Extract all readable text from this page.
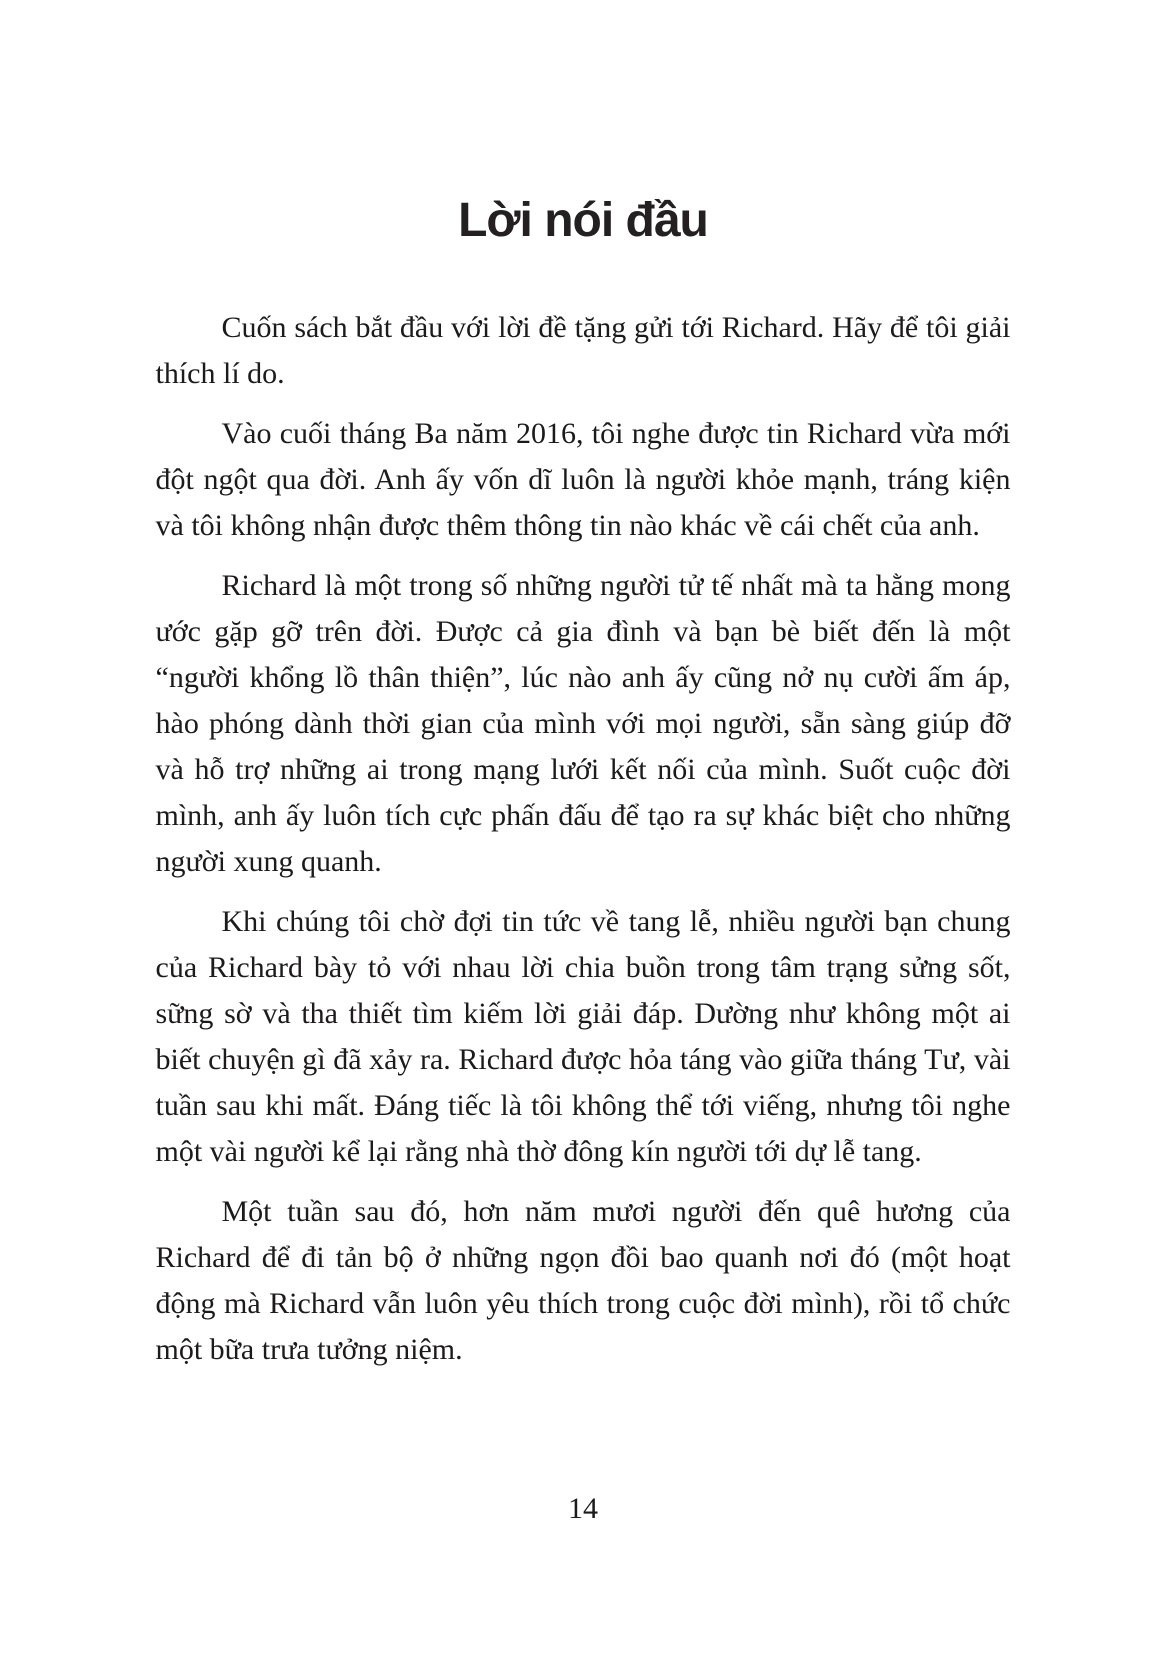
Lời nói đầu

Cuốn sách bắt đầu với lời đề tặng gửi tới Richard. Hãy để tôi giải thích lí do.

Vào cuối tháng Ba năm 2016, tôi nghe được tin Richard vừa mới đột ngột qua đời. Anh ấy vốn dĩ luôn là người khỏe mạnh, tráng kiện và tôi không nhận được thêm thông tin nào khác về cái chết của anh.

Richard là một trong số những người tử tế nhất mà ta hằng mong ước gặp gỡ trên đời. Được cả gia đình và bạn bè biết đến là một “người khổng lồ thân thiện”, lúc nào anh ấy cũng nở nụ cười ấm áp, hào phóng dành thời gian của mình với mọi người, sẵn sàng giúp đỡ và hỗ trợ những ai trong mạng lưới kết nối của mình. Suốt cuộc đời mình, anh ấy luôn tích cực phấn đấu để tạo ra sự khác biệt cho những người xung quanh.

Khi chúng tôi chờ đợi tin tức về tang lễ, nhiều người bạn chung của Richard bày tỏ với nhau lời chia buồn trong tâm trạng sửng sốt, sững sờ và tha thiết tìm kiếm lời giải đáp. Dường như không một ai biết chuyện gì đã xảy ra. Richard được hỏa táng vào giữa tháng Tư, vài tuần sau khi mất. Đáng tiếc là tôi không thể tới viếng, nhưng tôi nghe một vài người kể lại rằng nhà thờ đông kín người tới dự lễ tang.

Một tuần sau đó, hơn năm mươi người đến quê hương của Richard để đi tản bộ ở những ngọn đồi bao quanh nơi đó (một hoạt động mà Richard vẫn luôn yêu thích trong cuộc đời mình), rồi tổ chức một bữa trưa tưởng niệm.

14
